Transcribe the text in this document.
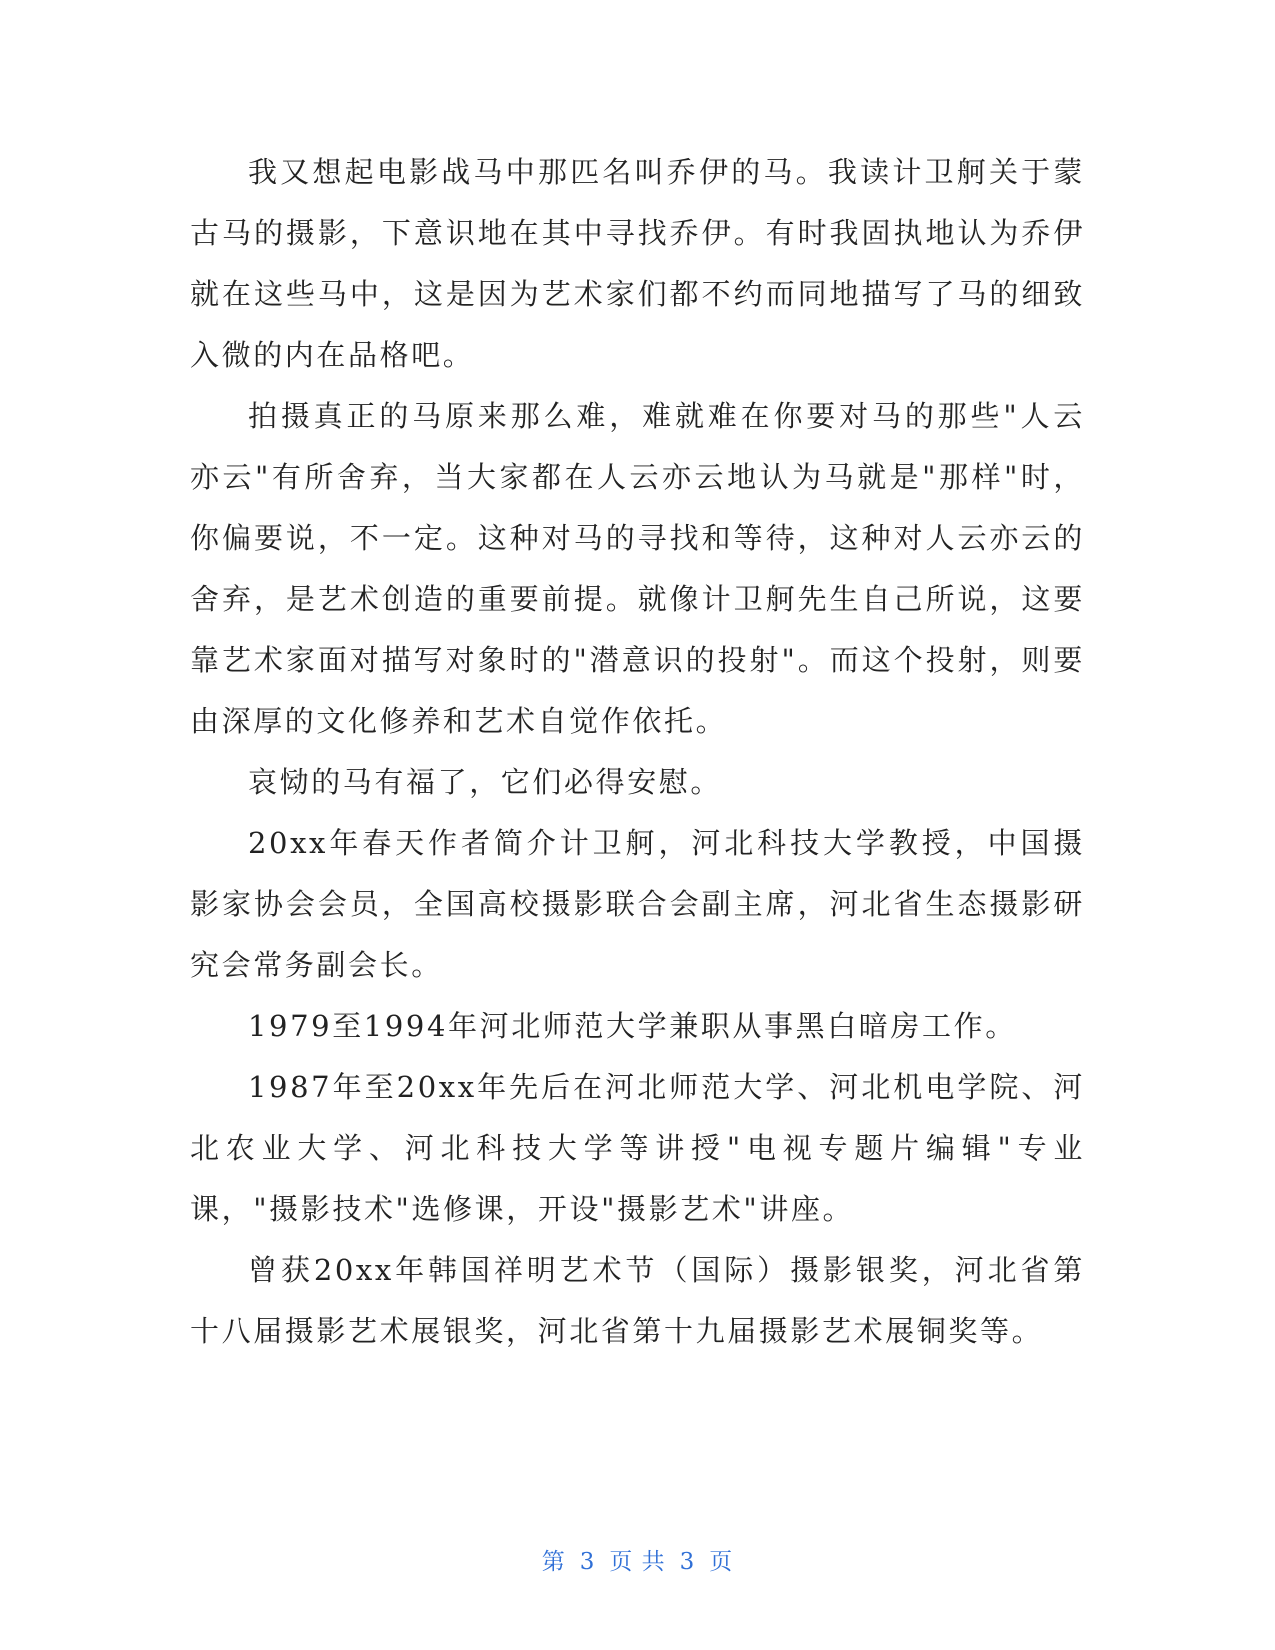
我又想起电影战马中那匹名叫乔伊的马。我读计卫舸关于蒙古马的摄影，下意识地在其中寻找乔伊。有时我固执地认为乔伊就在这些马中，这是因为艺术家们都不约而同地描写了马的细致入微的内在品格吧。

拍摄真正的马原来那么难，难就难在你要对马的那些"人云亦云"有所舍弃，当大家都在人云亦云地认为马就是"那样"时，你偏要说，不一定。这种对马的寻找和等待，这种对人云亦云的舍弃，是艺术创造的重要前提。就像计卫舸先生自己所说，这要靠艺术家面对描写对象时的"潜意识的投射"。而这个投射，则要由深厚的文化修养和艺术自觉作依托。

哀恸的马有福了，它们必得安慰。

20xx年春天作者简介计卫舸，河北科技大学教授，中国摄影家协会会员，全国高校摄影联合会副主席，河北省生态摄影研究会常务副会长。

1979至1994年河北师范大学兼职从事黑白暗房工作。

1987年至20xx年先后在河北师范大学、河北机电学院、河北农业大学、河北科技大学等讲授"电视专题片编辑"专业课，"摄影技术"选修课，开设"摄影艺术"讲座。

曾获20xx年韩国祥明艺术节（国际）摄影银奖，河北省第十八届摄影艺术展银奖，河北省第十九届摄影艺术展铜奖等。

第 3 页 共 3 页
